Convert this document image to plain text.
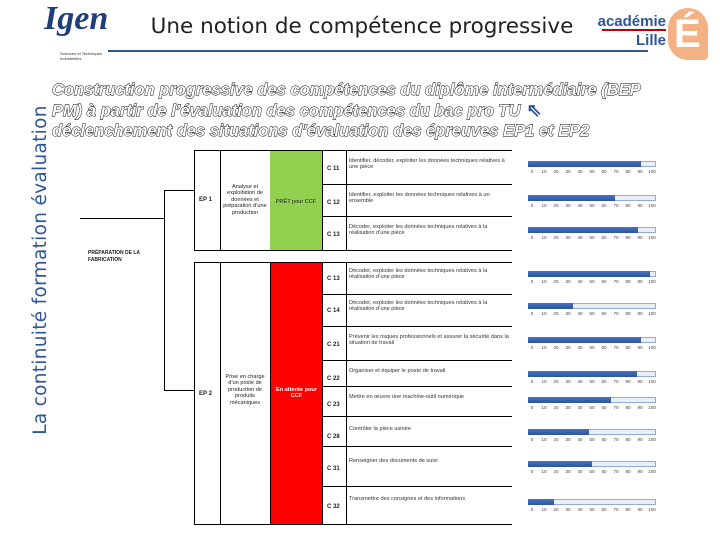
La continuité formation évaluation
Igen
Sciences et Techniques Industrielles
Une notion de compétence progressive	académie
Lille É
Construction progressive des compétences du diplôme intermédiaire (BEP
PM) à partir de l’évaluation des compétences du bac pro TU ⇖
déclenchement des situations d’évaluation des épreuves EP1 et EP2
PRÉPARATION DE LA FABRICATION
EP 1
Analyse et exploitation de données et préparation d’une production
PRÊT pour CCF
EP 2
Prise en charge d’un poste de production de produits mécaniques
En attente pour CCF
C 11
Identifier, décoder, exploiter les données techniques relatives à une pièce
0 10 20 30 40 50 60 70 80 90 100
C 12
Identifier, exploiter les données techniques relatives à un ensemble
0 10 20 30 40 50 60 70 80 90 100
C 13
Décoder, exploiter les données techniques relatives à la réalisation d’une pièce
0 10 20 30 40 50 60 70 80 90 100
C 13
Décoder, exploiter les données techniques relatives à la réalisation d’une pièce
0 10 20 30 40 50 60 70 80 90 100
C 14
Décoder, exploiter les données techniques relatives à la réalisation d’une pièce
0 10 20 30 40 50 60 70 80 90 100
C 21
Prévenir les risques professionnels et assurer la sécurité dans la situation de travail
0 10 20 30 40 50 60 70 80 90 100
C 22
Organiser et équiper le poste de travail
0 10 20 30 40 50 60 70 80 90 100
C 23
Mettre en œuvre une machine-outil numérique
0 10 20 30 40 50 60 70 80 90 100
C 28
Contrôler la pièce usinée
0 10 20 30 40 50 60 70 80 90 100
C 31
Renseigner des documents de suivi
0 10 20 30 40 50 60 70 80 90 100
C 32
Transmettre des consignes et des informations
0 10 20 30 40 50 60 70 80 90 100
